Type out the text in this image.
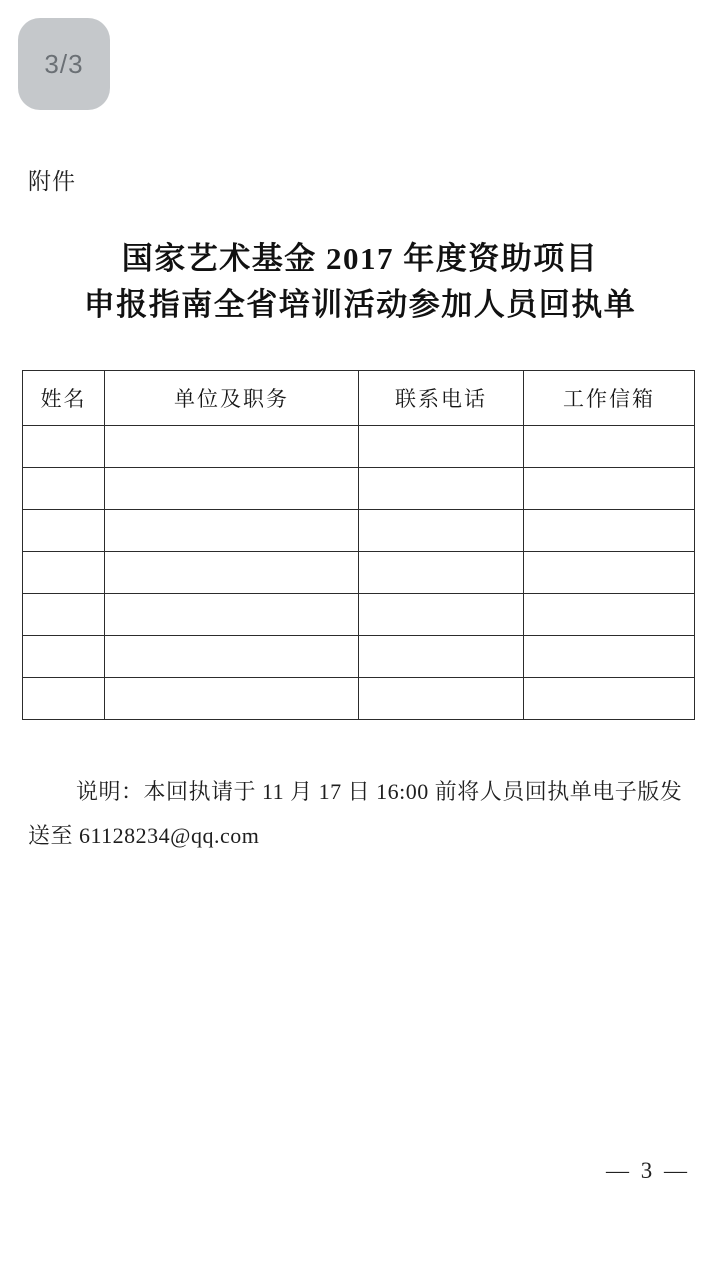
3/3
附件
国家艺术基金 2017 年度资助项目
申报指南全省培训活动参加人员回执单
姓名	单位及职务	联系电话	工作信箱

说明：本回执请于 11 月 17 日 16:00 前将人员回执单电子版发
送至 61128234@qq.com
— 3 —
